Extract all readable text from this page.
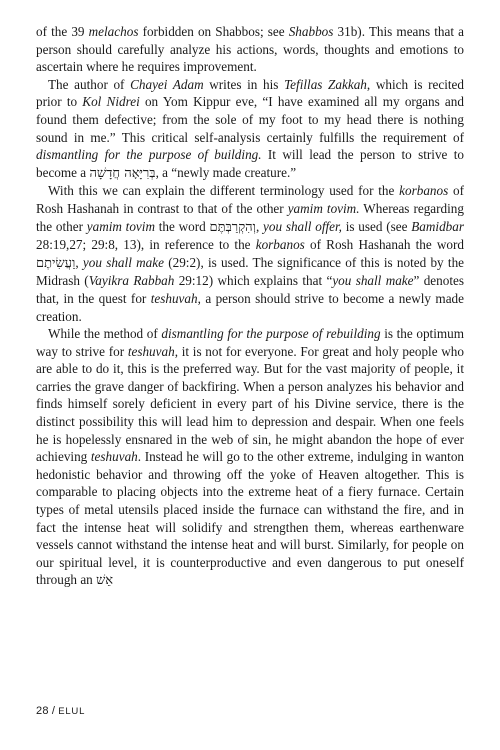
of the 39 melachos forbidden on Shabbos; see Shabbos 31b). This means that a person should carefully analyze his actions, words, thoughts and emotions to ascertain where he requires improvement.

The author of Chayei Adam writes in his Tefillas Zakkah, which is recited prior to Kol Nidrei on Yom Kippur eve, “I have examined all my organs and found them defective; from the sole of my foot to my head there is nothing sound in me.” This critical self-analysis certainly fulfills the requirement of dismantling for the purpose of building. It will lead the person to strive to become a בְּרִיָּאָה חֲדָשָׁה, a “newly made creature.”

With this we can explain the different terminology used for the korbanos of Rosh Hashanah in contrast to that of the other yamim tovim. Whereas regarding the other yamim tovim the word וְהִקְרַבְּתֶּם, you shall offer, is used (see Bamidbar 28:19,27; 29:8, 13), in reference to the korbanos of Rosh Hashanah the word וַעֲשִׂיתֶם, you shall make (29:2), is used. The significance of this is noted by the Midrash (Vayikra Rabbah 29:12) which explains that “you shall make” denotes that, in the quest for teshuvah, a person should strive to become a newly made creation.

While the method of dismantling for the purpose of rebuilding is the optimum way to strive for teshuvah, it is not for everyone. For great and holy people who are able to do it, this is the preferred way. But for the vast majority of people, it carries the grave danger of backfiring. When a person analyzes his behavior and finds himself sorely deficient in every part of his Divine service, there is the distinct possibility this will lead him to depression and despair. When one feels he is hopelessly ensnared in the web of sin, he might abandon the hope of ever achieving teshuvah. Instead he will go to the other extreme, indulging in wanton hedonistic behavior and throwing off the yoke of Heaven altogether. This is comparable to placing objects into the extreme heat of a fiery furnace. Certain types of metal utensils placed inside the furnace can withstand the fire, and in fact the intense heat will solidify and strengthen them, whereas earthenware vessels cannot withstand the intense heat and will burst. Similarly, for people on our spiritual level, it is counterproductive and even dangerous to put oneself through an אֵשׁ

28 / ELUL
